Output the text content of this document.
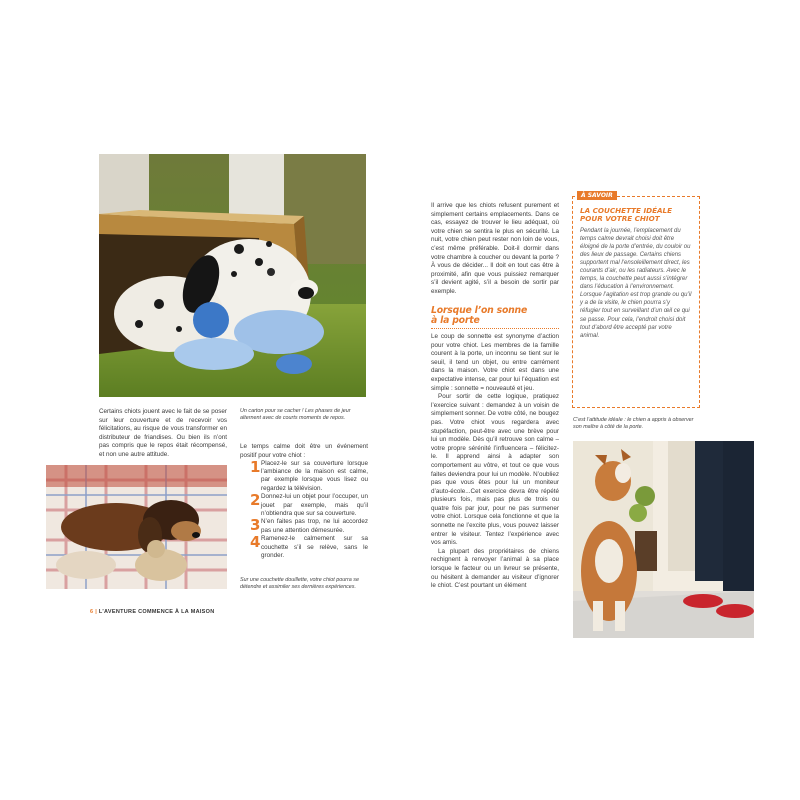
Un carton pour se cacher ! Les phases de jeur alternent avec de courts moments de repos.
Certains chiots jouent avec le fait de se poser sur leur couverture et de recevoir vos félicitations, au risque de vous transformer en distributeur de friandises. Ou bien ils n’ont pas compris que le repos était récompensé, et non une autre attitude.
Le temps calme doit être un événement positif pour votre chiot :
1 Placez-le sur sa couverture lorsque l’ambiance de la maison est calme, par exemple lorsque vous lisez ou regardez la télévision.
2 Donnez-lui un objet pour l’occuper, un jouet par exemple, mais qu’il n’obtiendra que sur sa couverture.
3 N’en faites pas trop, ne lui accordez pas une attention démesurée.
4 Ramenez-le calmement sur sa couchette s’il se relève, sans le gronder.
Sur une couchette douillette, votre chiot pourra se détendre et assimiler ses dernières expériences.
6 | L’AVENTURE COMMENCE À LA MAISON
Il arrive que les chiots refusent purement et simplement certains emplacements. Dans ce cas, essayez de trouver le lieu adéquat, où votre chien se sentira le plus en sécurité. La nuit, votre chien peut rester non loin de vous, c’est même préférable. Doit-il dormir dans votre chambre à coucher ou devant la porte ? À vous de décider... Il doit en tout cas être à proximité, afin que vous puissiez remarquer s’il devient agité, s’il a besoin de sortir par exemple.
Lorsque l’on sonne
à la porte

Le coup de sonnette est synonyme d’action pour votre chiot. Les membres de la famille courent à la porte, un inconnu se tient sur le seuil, il tend un objet, ou entre carrément dans la maison. Votre chiot est dans une expectative intense, car pour lui l’équation est simple : sonnette = nouveauté et jeu.

Pour sortir de cette logique, pratiquez l’exercice suivant : demandez à un voisin de simplement sonner. De votre côté, ne bougez pas. Votre chiot vous regardera avec stupéfaction, peut-être avec une brève pour lui un modèle. Dès qu’il retrouve son calme – votre propre sérénité l’influencera – félicitez-le. Il apprend ainsi à adapter son comportement au vôtre, et tout ce que vous faites deviendra pour lui un modèle. N’oubliez pas que vous êtes pour lui un moniteur d’auto-école...Cet exercice devra être répété plusieurs fois, mais pas plus de trois ou quatre fois par jour, pour ne pas surmener votre chiot. Lorsque cela fonctionne et que la sonnette ne l’excite plus, vous pouvez laisser entrer le visiteur. Tentez l’expérience avec vos amis.

La plupart des propriétaires de chiens rechignent à renvoyer l’animal à sa place lorsque le facteur ou un livreur se présente, ou hésitent à demander au visiteur d’ignorer le chiot. C’est pourtant un élément

À SAVOIR
LA COUCHETTE IDÉALE
POUR VOTRE CHIOT
Pendant la journée, l’emplacement du temps calme devrait choisi doit être éloigné de la porte d’entrée, du couloir ou des lieux de passage. Certains chiens supportent mal l’ensoleillement direct, les courants d’air, ou les radiateurs. Avec le temps, la couchette peut aussi s’intégrer dans l’éducation à l’environnement. Lorsque l’agitation est trop grande ou qu’il y a de la visite, le chien pourra s’y réfugier tout en surveillant d’un œil ce qui se passe. Pour cela, l’endroit choisi doit tout d’abord être accepté par votre animal.
C’est l’attitude idéale : le chien a appris à observer son maître à côté de la porte.
